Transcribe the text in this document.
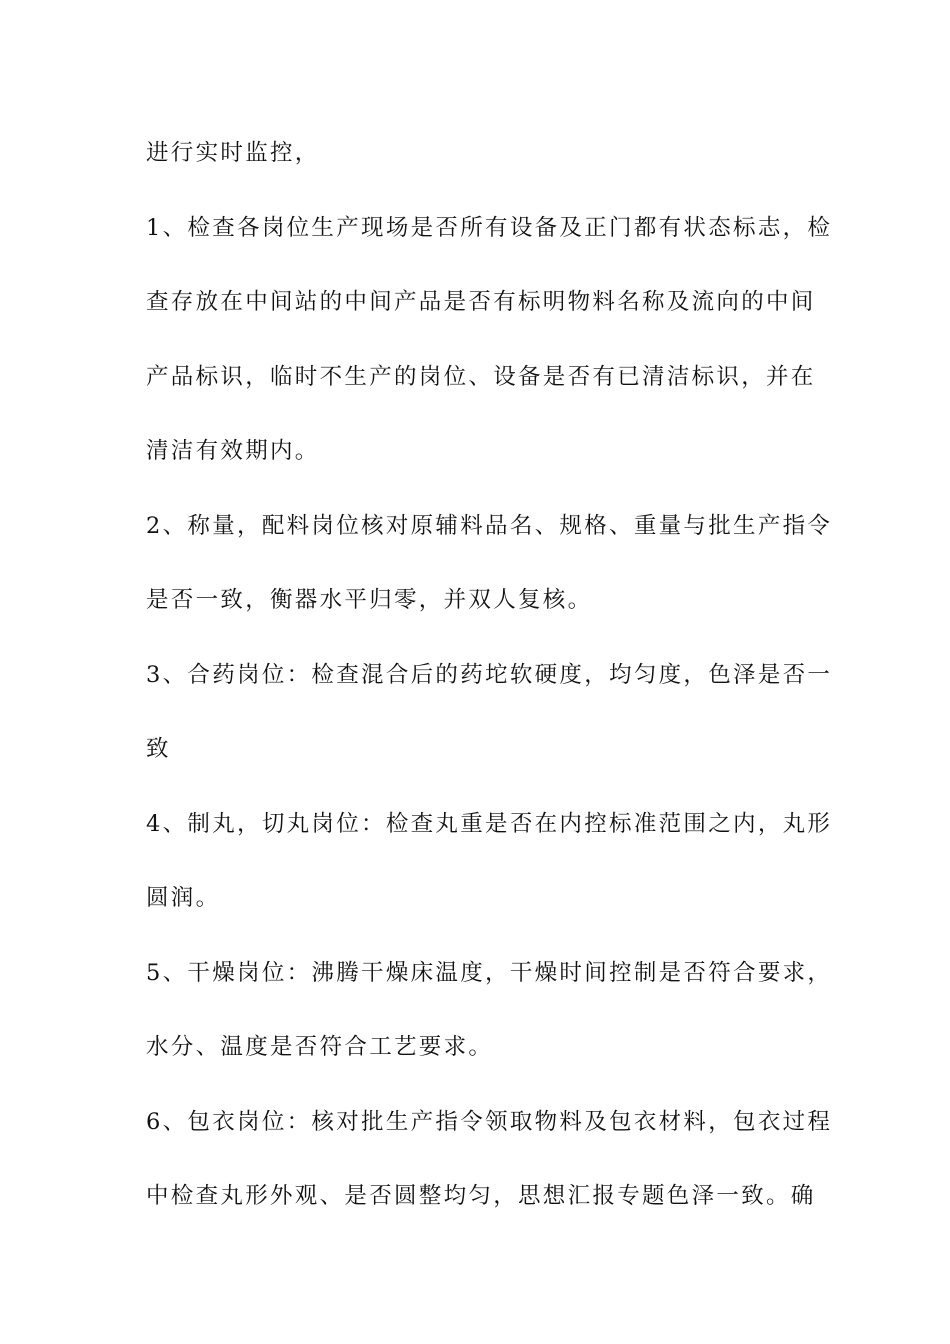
进行实时监控，
1、检查各岗位生产现场是否所有设备及正门都有状态标志，检
查存放在中间站的中间产品是否有标明物料名称及流向的中间
产品标识，临时不生产的岗位、设备是否有已清洁标识，并在
清洁有效期内。
2、称量，配料岗位核对原辅料品名、规格、重量与批生产指令
是否一致，衡器水平归零，并双人复核。
3、合药岗位：检查混合后的药坨软硬度，均匀度，色泽是否一
致
4、制丸，切丸岗位：检查丸重是否在内控标准范围之内，丸形
圆润。
5、干燥岗位：沸腾干燥床温度，干燥时间控制是否符合要求，
水分、温度是否符合工艺要求。
6、包衣岗位：核对批生产指令领取物料及包衣材料，包衣过程
中检查丸形外观、是否圆整均匀，思想汇报专题色泽一致。确
